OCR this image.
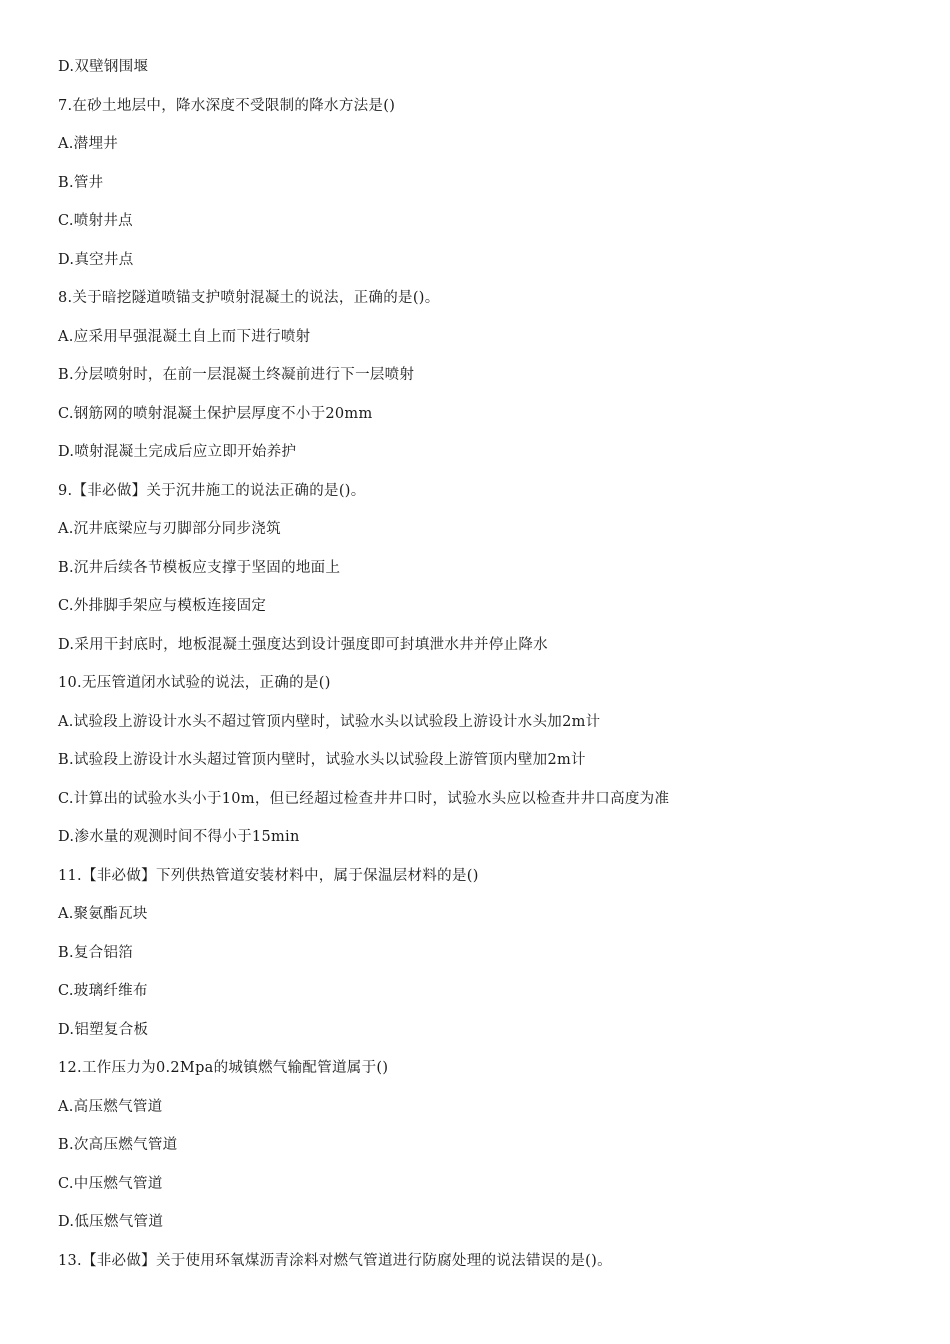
D.双壁钢围堰
7.在砂土地层中，降水深度不受限制的降水方法是()
A.潜埋井
B.管井
C.喷射井点
D.真空井点
8.关于暗挖隧道喷锚支护喷射混凝土的说法，正确的是()。
A.应采用早强混凝土自上而下进行喷射
B.分层喷射时，在前一层混凝土终凝前进行下一层喷射
C.钢筋网的喷射混凝土保护层厚度不小于20mm
D.喷射混凝土完成后应立即开始养护
9.【非必做】关于沉井施工的说法正确的是()。
A.沉井底梁应与刃脚部分同步浇筑
B.沉井后续各节模板应支撑于坚固的地面上
C.外排脚手架应与模板连接固定
D.采用干封底时，地板混凝土强度达到设计强度即可封填泄水井并停止降水
10.无压管道闭水试验的说法，正确的是()
A.试验段上游设计水头不超过管顶内壁时，试验水头以试验段上游设计水头加2m计
B.试验段上游设计水头超过管顶内壁时，试验水头以试验段上游管顶内壁加2m计
C.计算出的试验水头小于10m，但已经超过检查井井口时，试验水头应以检查井井口高度为准
D.渗水量的观测时间不得小于15min
11.【非必做】下列供热管道安装材料中，属于保温层材料的是()
A.聚氨酯瓦块
B.复合铝箔
C.玻璃纤维布
D.铝塑复合板
12.工作压力为0.2Mpa的城镇燃气输配管道属于()
A.高压燃气管道
B.次高压燃气管道
C.中压燃气管道
D.低压燃气管道
13.【非必做】关于使用环氧煤沥青涂料对燃气管道进行防腐处理的说法错误的是()。
